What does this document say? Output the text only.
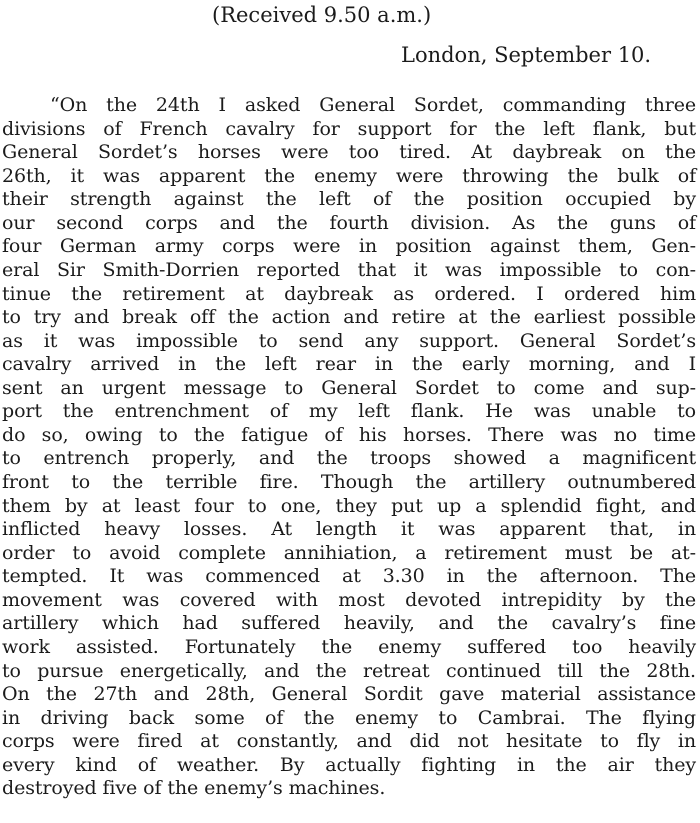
(Received 9.50 a.m.)
London, September 10.
“On the 24th I asked General Sordet, commanding three
divisions of French cavalry for support for the left flank, but
General Sordet’s horses were too tired. At daybreak on the
26th, it was apparent the enemy were throwing the bulk of
their strength against the left of the position occupied by
our second corps and the fourth division. As the guns of
four German army corps were in position against them, Gen-
eral Sir Smith-Dorrien reported that it was impossible to con-
tinue the retirement at daybreak as ordered. I ordered him
to try and break off the action and retire at the earliest possible
as it was impossible to send any support. General Sordet’s
cavalry arrived in the left rear in the early morning, and I
sent an urgent message to General Sordet to come and sup-
port the entrenchment of my left flank. He was unable to
do so, owing to the fatigue of his horses. There was no time
to entrench properly, and the troops showed a magnificent
front to the terrible fire. Though the artillery outnumbered
them by at least four to one, they put up a splendid fight, and
inflicted heavy losses. At length it was apparent that, in
order to avoid complete annihiation, a retirement must be at-
tempted. It was commenced at 3.30 in the afternoon. The
movement was covered with most devoted intrepidity by the
artillery which had suffered heavily, and the cavalry’s fine
work assisted. Fortunately the enemy suffered too heavily
to pursue energetically, and the retreat continued till the 28th.
On the 27th and 28th, General Sordit gave material assistance
in driving back some of the enemy to Cambrai. The flying
corps were fired at constantly, and did not hesitate to fly in
every kind of weather. By actually fighting in the air they
destroyed five of the enemy’s machines.
